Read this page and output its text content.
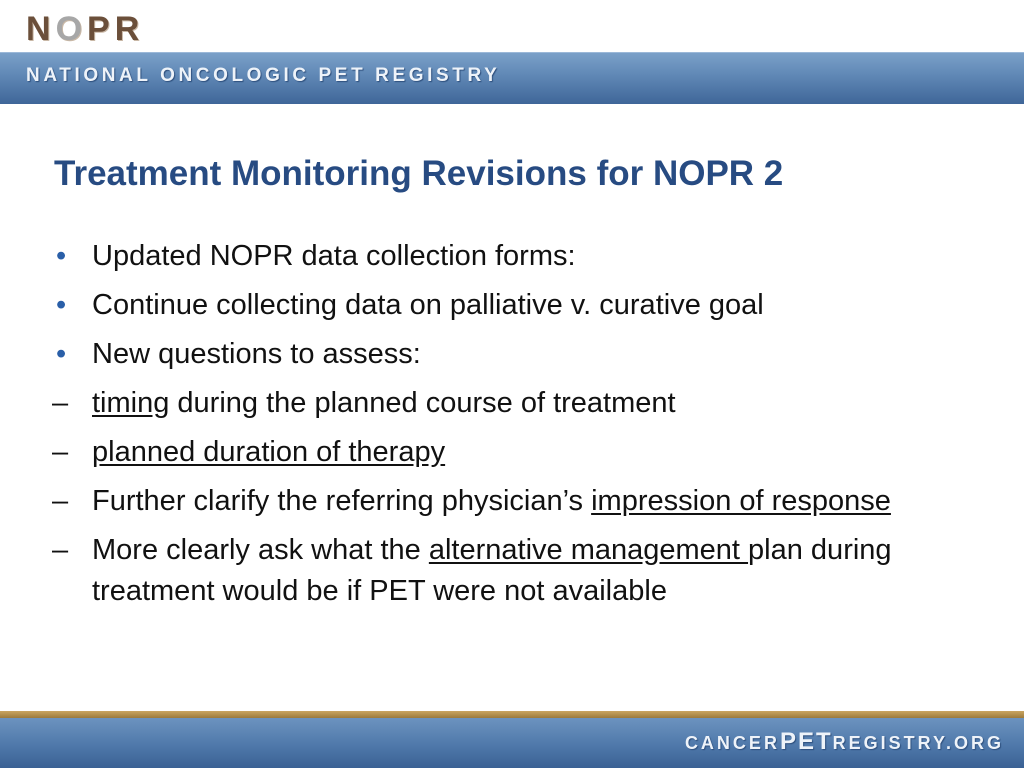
NOPR
NATIONAL ONCOLOGIC PET REGISTRY
Treatment Monitoring Revisions for NOPR 2
• Updated NOPR data collection forms:
• Continue collecting data on palliative v. curative goal
• New questions to assess:
– timing during the planned course of treatment
– planned duration of therapy
– Further clarify the referring physician’s impression of response
– More clearly ask what the alternative management plan during treatment would be if PET were not available
CANCERPETREGISTRY.ORG
